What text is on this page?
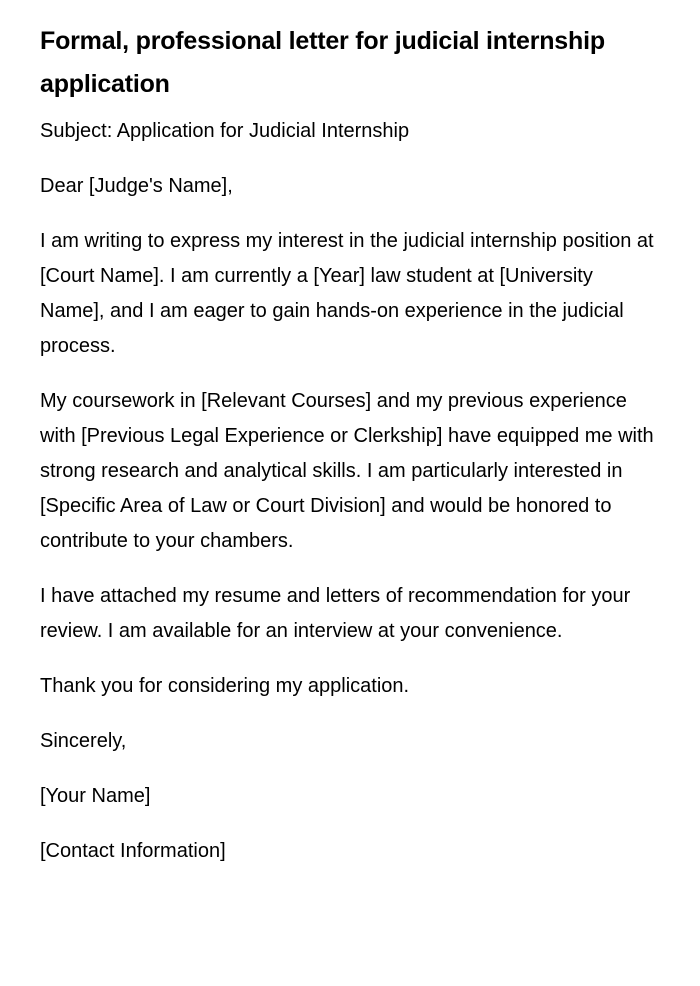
Formal, professional letter for judicial internship application

Subject: Application for Judicial Internship

Dear [Judge's Name],

I am writing to express my interest in the judicial internship position at [Court Name]. I am currently a [Year] law student at [University Name], and I am eager to gain hands-on experience in the judicial process.

My coursework in [Relevant Courses] and my previous experience with [Previous Legal Experience or Clerkship] have equipped me with strong research and analytical skills. I am particularly interested in [Specific Area of Law or Court Division] and would be honored to contribute to your chambers.

I have attached my resume and letters of recommendation for your review. I am available for an interview at your convenience.

Thank you for considering my application.

Sincerely,

[Your Name]

[Contact Information]
